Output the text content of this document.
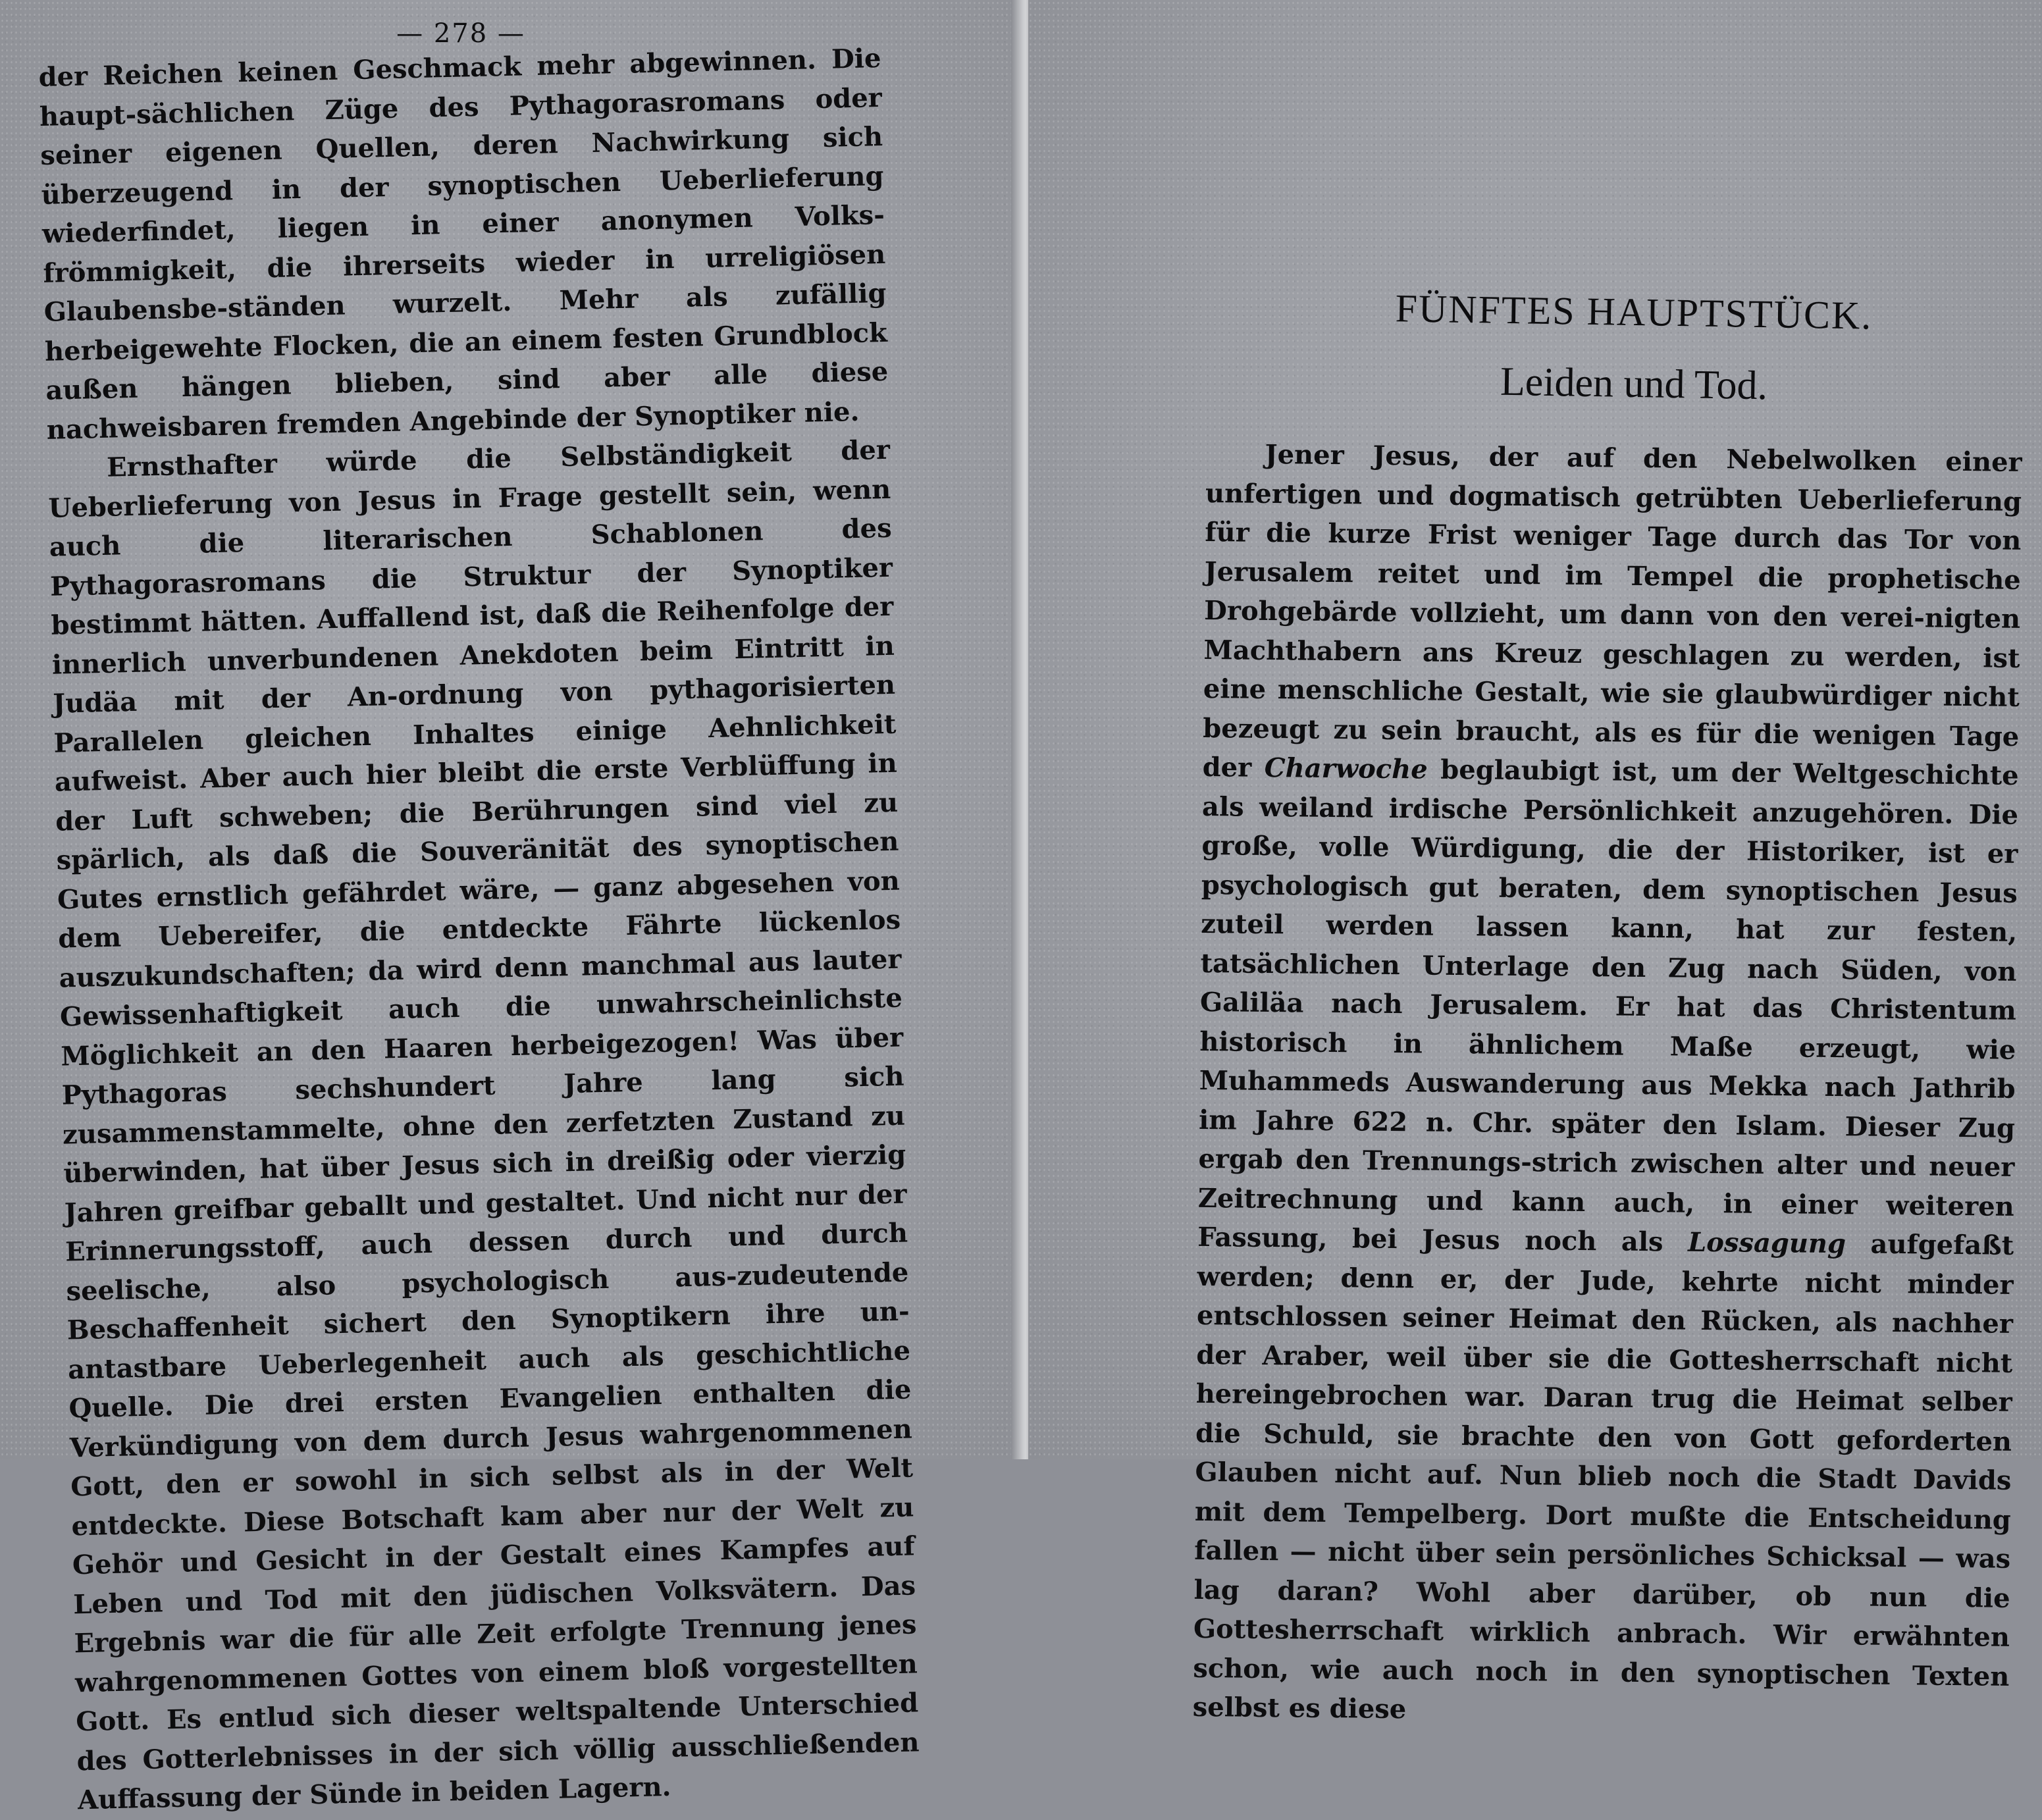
— 278 —

der Reichen keinen Geschmack mehr abgewinnen. Die haupt-sächlichen Züge des Pythagorasromans oder seiner eigenen Quellen, deren Nachwirkung sich überzeugend in der synoptischen Ueberlieferung wiederfindet, liegen in einer anonymen Volks-frömmigkeit, die ihrerseits wieder in urreligiösen Glaubensbe-ständen wurzelt. Mehr als zufällig herbeigewehte Flocken, die an einem festen Grundblock außen hängen blieben, sind aber alle diese nachweisbaren fremden Angebinde der Synoptiker nie.

Ernsthafter würde die Selbständigkeit der Ueberlieferung von Jesus in Frage gestellt sein, wenn auch die literarischen Schablonen des Pythagorasromans die Struktur der Synoptiker bestimmt hätten. Auffallend ist, daß die Reihenfolge der innerlich unverbundenen Anekdoten beim Eintritt in Judäa mit der An-ordnung von pythagorisierten Parallelen gleichen Inhaltes einige Aehnlichkeit aufweist. Aber auch hier bleibt die erste Verblüffung in der Luft schweben; die Berührungen sind viel zu spärlich, als daß die Souveränität des synoptischen Gutes ernstlich gefährdet wäre, — ganz abgesehen von dem Uebereifer, die entdeckte Fährte lückenlos auszukundschaften; da wird denn manchmal aus lauter Gewissenhaftigkeit auch die unwahrscheinlichste Möglichkeit an den Haaren herbeigezogen! Was über Pythagoras sechshundert Jahre lang sich zusammenstammelte, ohne den zerfetzten Zustand zu überwinden, hat über Jesus sich in dreißig oder vierzig Jahren greifbar geballt und gestaltet. Und nicht nur der Erinnerungsstoff, auch dessen durch und durch seelische, also psychologisch aus-zudeutende Beschaffenheit sichert den Synoptikern ihre un-antastbare Ueberlegenheit auch als geschichtliche Quelle. Die drei ersten Evangelien enthalten die Verkündigung von dem durch Jesus wahrgenommenen Gott, den er sowohl in sich selbst als in der Welt entdeckte. Diese Botschaft kam aber nur der Welt zu Gehör und Gesicht in der Gestalt eines Kampfes auf Leben und Tod mit den jüdischen Volksvätern. Das Ergebnis war die für alle Zeit erfolgte Trennung jenes wahrgenommenen Gottes von einem bloß vorgestellten Gott. Es entlud sich dieser weltspaltende Unterschied des Gotterlebnisses in der sich völlig ausschließenden Auffassung der Sünde in beiden Lagern.

FÜNFTES HAUPTSTÜCK.
Leiden und Tod.

Jener Jesus, der auf den Nebelwolken einer unfertigen und dogmatisch getrübten Ueberlieferung für die kurze Frist weniger Tage durch das Tor von Jerusalem reitet und im Tempel die prophetische Drohgebärde vollzieht, um dann von den verei-nigten Machthabern ans Kreuz geschlagen zu werden, ist eine menschliche Gestalt, wie sie glaubwürdiger nicht bezeugt zu sein braucht, als es für die wenigen Tage der Charwoche beglaubigt ist, um der Weltgeschichte als weiland irdische Persönlichkeit anzugehören. Die große, volle Würdigung, die der Historiker, ist er psychologisch gut beraten, dem synoptischen Jesus zuteil werden lassen kann, hat zur festen, tatsächlichen Unterlage den Zug nach Süden, von Galiläa nach Jerusalem. Er hat das Christentum historisch in ähnlichem Maße erzeugt, wie Muhammeds Auswanderung aus Mekka nach Jathrib im Jahre 622 n. Chr. später den Islam. Dieser Zug ergab den Trennungs-strich zwischen alter und neuer Zeitrechnung und kann auch, in einer weiteren Fassung, bei Jesus noch als Lossagung aufgefaßt werden; denn er, der Jude, kehrte nicht minder entschlossen seiner Heimat den Rücken, als nachher der Araber, weil über sie die Gottesherrschaft nicht hereingebrochen war. Daran trug die Heimat selber die Schuld, sie brachte den von Gott geforderten Glauben nicht auf. Nun blieb noch die Stadt Davids mit dem Tempelberg. Dort mußte die Entscheidung fallen — nicht über sein persönliches Schicksal — was lag daran? Wohl aber darüber, ob nun die Gottesherrschaft wirklich anbrach. Wir erwähnten schon, wie auch noch in den synoptischen Texten selbst es diese
